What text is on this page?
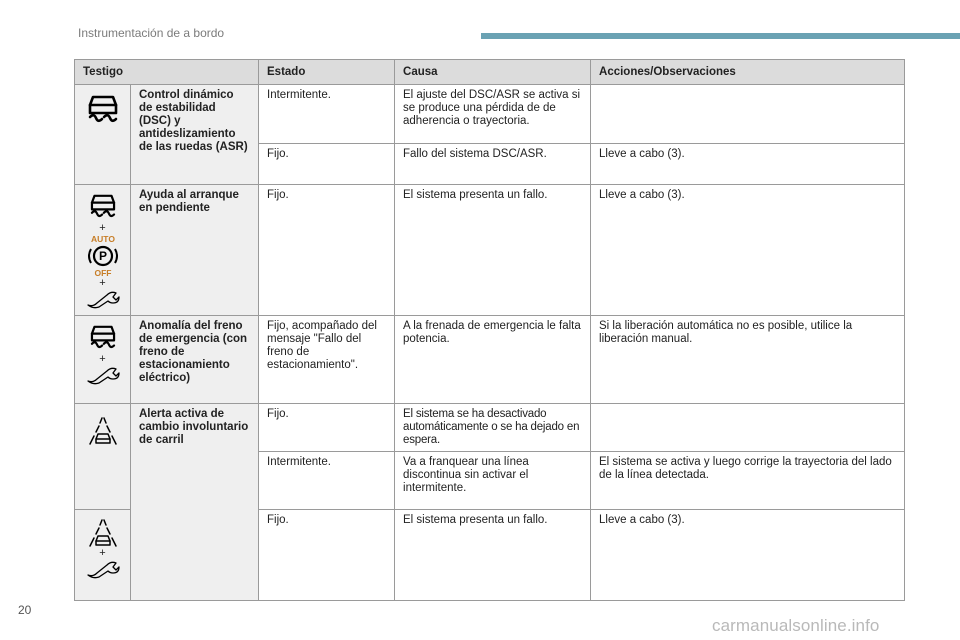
Instrumentación de a bordo
Testigo		Estado	Causa	Acciones/Observaciones

	Control dinámico de estabilidad (DSC) y antideslizamiento de las ruedas (ASR)	Intermitente.	El ajuste del DSC/ASR se activa si se produce una pérdida de de adherencia o trayectoria.	
		Fijo.	Fallo del sistema DSC/ASR.	Lleve a cabo (3).

+
AUTO
P
OFF
+	Ayuda al arranque en pendiente	Fijo.	El sistema presenta un fallo.	Lleve a cabo (3).

+	Anomalía del freno de emergencia (con freno de estacionamiento eléctrico)	Fijo, acompañado del mensaje "Fallo del freno de estacionamiento".	A la frenada de emergencia le falta potencia.	Si la liberación automática no es posible, utilice la liberación manual.

	Alerta activa de cambio involuntario de carril	Fijo.	El sistema se ha desactivado automáticamente o se ha dejado en espera.	
		Intermitente.	Va a franquear una línea discontinua sin activar el intermitente.	El sistema se activa y luego corrige la trayectoria del lado de la línea detectada.

+		Fijo.	El sistema presenta un fallo.	Lleve a cabo (3).
20
carmanualsonline.info
